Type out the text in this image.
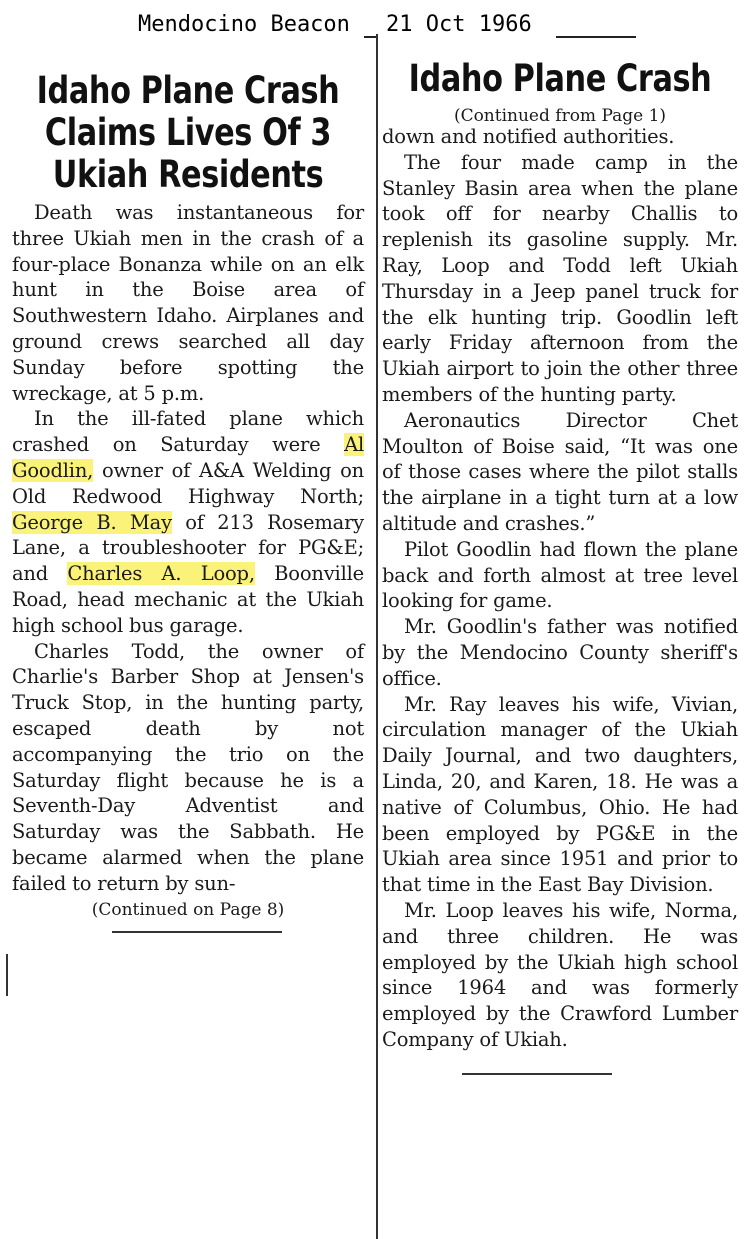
Mendocino Beacon 21 Oct 1966
Idaho Plane Crash
Claims Lives Of 3
Ukiah Residents

Death was instantaneous for three Ukiah men in the crash of a four-place Bonanza while on an elk hunt in the Boise area of Southwestern Idaho. Airplanes and ground crews searched all day Sunday before spotting the wreckage, at 5 p.m.

In the ill-fated plane which crashed on Saturday were Al Goodlin, owner of A&A Welding on Old Redwood Highway North; George B. May of 213 Rosemary Lane, a troubleshooter for PG&E; and Charles A. Loop, Boonville Road, head mechanic at the Ukiah high school bus garage.

Charles Todd, the owner of Charlie's Barber Shop at Jensen's Truck Stop, in the hunting party, escaped death by not accompanying the trio on the Saturday flight because he is a Seventh-Day Adventist and Saturday was the Sabbath. He became alarmed when the plane failed to return by sun-

(Continued on Page 8)
Idaho Plane Crash
(Continued from Page 1)

down and notified authorities.

The four made camp in the Stanley Basin area when the plane took off for nearby Challis to replenish its gasoline supply. Mr. Ray, Loop and Todd left Ukiah Thursday in a Jeep panel truck for the elk hunting trip. Goodlin left early Friday afternoon from the Ukiah airport to join the other three members of the hunting party.

Aeronautics Director Chet Moulton of Boise said, “It was one of those cases where the pilot stalls the airplane in a tight turn at a low altitude and crashes.”

Pilot Goodlin had flown the plane back and forth almost at tree level looking for game.

Mr. Goodlin's father was notified by the Mendocino County sheriff's office.

Mr. Ray leaves his wife, Vivian, circulation manager of the Ukiah Daily Journal, and two daughters, Linda, 20, and Karen, 18. He was a native of Columbus, Ohio. He had been employed by PG&E in the Ukiah area since 1951 and prior to that time in the East Bay Division.

Mr. Loop leaves his wife, Norma, and three children. He was employed by the Ukiah high school since 1964 and was formerly employed by the Crawford Lumber Company of Ukiah.
